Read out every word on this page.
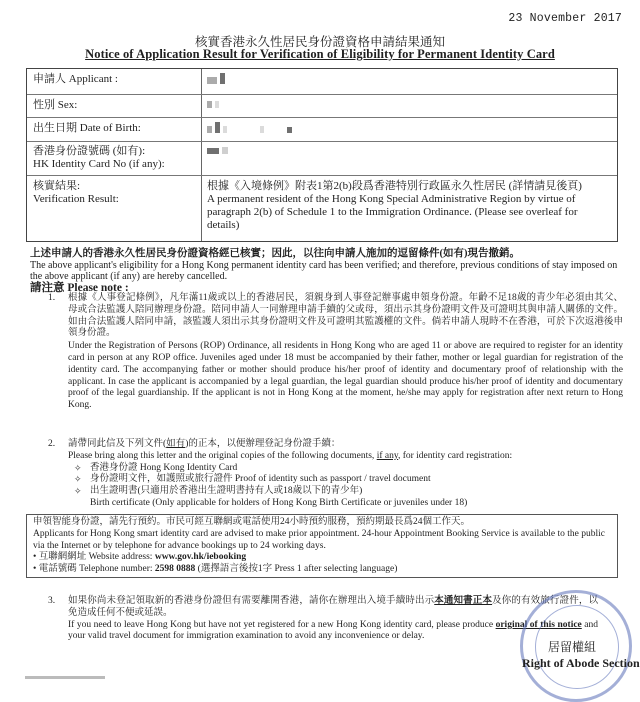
23 November 2017
核實香港永久性居民身份證資格申請結果通知
Notice of Application Result for Verification of Eligibility for Permanent Identity Card
申請人 Applicant :
性別 Sex:
出生日期 Date of Birth:
香港身份證號碼 (如有):
HK Identity Card No (if any):
核實結果:
Verification Result:
根據《入境條例》附表1第2(b)段爲香港特別行政區永久性居民 (詳情請見後頁)
A permanent resident of the Hong Kong Special Administrative Region by virtue of paragraph 2(b) of Schedule 1 to the Immigration Ordinance. (Please see overleaf for details)
上述申請人的香港永久性居民身份證資格經已核實；因此，以往向申請人施加的逗留條件(如有)現告撤銷。
The above applicant's eligibility for a Hong Kong permanent identity card has been verified; and therefore, previous conditions of stay imposed on the above applicant (if any) are hereby cancelled.
請注意 Please note :
1. 根據《人事登記條例》，凡年滿11歲或以上的香港居民，須親身到人事登記辦事處申領身份證。年齡不足18歲的青少年必須由其父、母或合法監護人陪同辦理身份證。陪同申請人一同辦理申請手續的父或母，須出示其身份證明文件及可證明其與申請人關係的文件。如由合法監護人陪同申請，該監護人須出示其身份證明文件及可證明其監護權的文件。倘若申請人現時不在香港，可於下次返港後申領身份證。
Under the Registration of Persons (ROP) Ordinance, all residents in Hong Kong who are aged 11 or above are required to register for an identity card in person at any ROP office. Juveniles aged under 18 must be accompanied by their father, mother or legal guardian for registration of the identity card. The accompanying father or mother should produce his/her proof of identity and documentary proof of relationship with the applicant. In case the applicant is accompanied by a legal guardian, the legal guardian should produce his/her proof of identity and documentary proof of the legal guardianship. If the applicant is not in Hong Kong at the moment, he/she may apply for registration after next return to Hong Kong.
2. 請帶同此信及下列文件(如有)的正本，以便辦理登記身份證手續：
Please bring along this letter and the original copies of the following documents, if any, for identity card registration:
✧ 香港身份證 Hong Kong Identity Card
✧ 身份證明文件，如護照或旅行證件 Proof of identity such as passport / travel document
✧ 出生證明書(只適用於香港出生證明書持有人或18歲以下的青少年)
Birth certificate (Only applicable for holders of Hong Kong Birth Certificate or juveniles under 18)
申領智能身份證，請先行預約。市民可經互聯網或電話使用24小時預約服務，預約期最長爲24個工作天。
Applicants for Hong Kong smart identity card are advised to make prior appointment. 24-hour Appointment Booking Service is available to the public via the Internet or by telephone for advance bookings up to 24 working days.
• 互聯網網址 Website address: www.gov.hk/iebooking
• 電話號碼 Telephone number: 2598 0888 (選擇語言後按1字 Press 1 after selecting language)
3. 如果你尚未登記領取新的香港身份證但有需要離開香港，請你在辦理出入境手續時出示本通知書正本及你的有效旅行證件，以免造成任何不便或延誤。
If you need to leave Hong Kong but have not yet registered for a new Hong Kong identity card, please produce original of this notice and your valid travel document for immigration examination to avoid any inconvenience or delay.
居留權組
Right of Abode Section
